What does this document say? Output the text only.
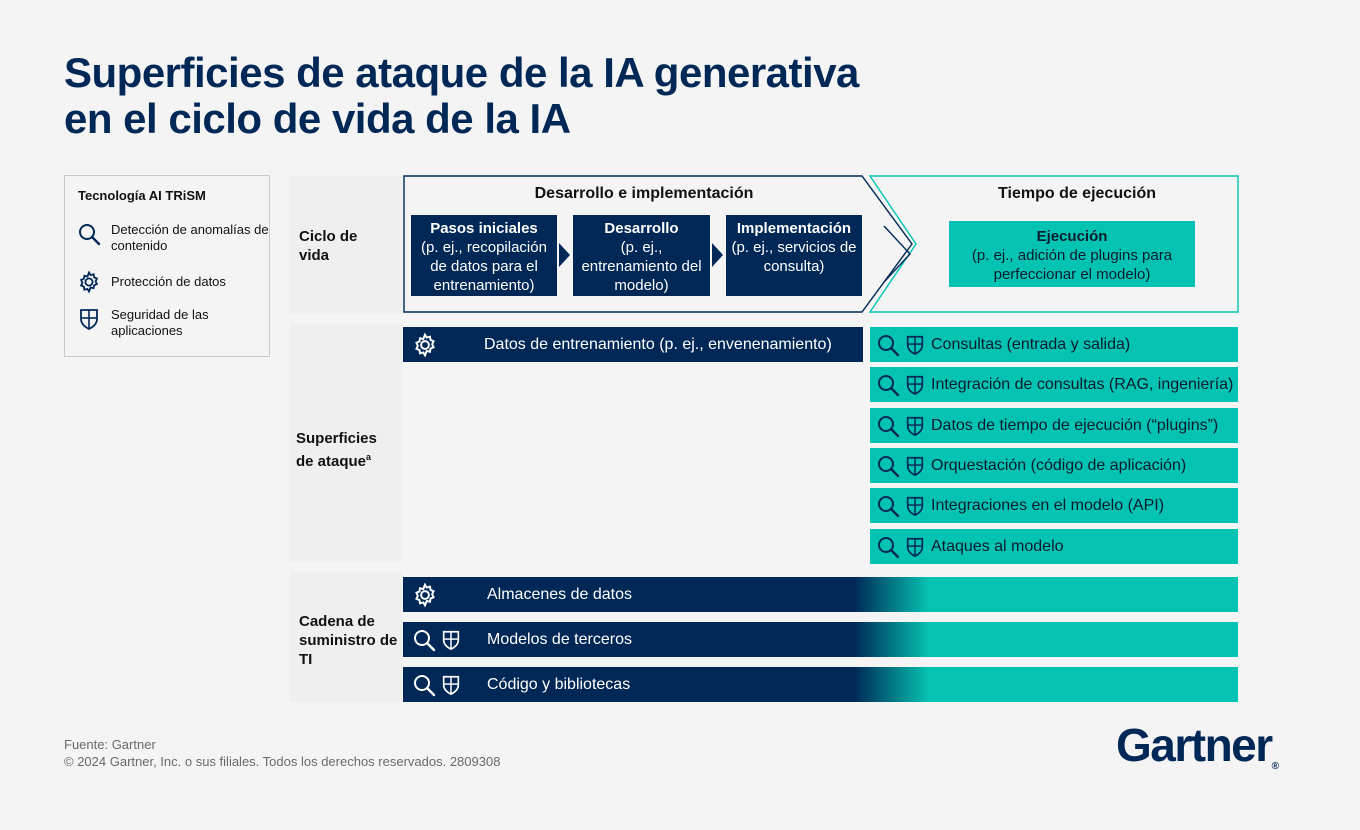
Superficies de ataque de la IA generativa
en el ciclo de vida de la IA
Tecnología AI TRiSM
Detección de anomalías de contenido
Protección de datos
Seguridad de las aplicaciones
Ciclo de vida
Superficies de ataque$^a$
Cadena de suministro de TI
Desarrollo e implementación	Tiempo de ejecución
Pasos iniciales
(p. ej., recopilación de datos para el entrenamiento)
Desarrollo
(p. ej., entrenamiento del modelo)
Implementación
(p. ej., servicios de consulta)
Ejecución
(p. ej., adición de plugins para perfeccionar el modelo)
Datos de entrenamiento (p. ej., envenenamiento)	Consultas (entrada y salida)
Integración de consultas (RAG, ingeniería)
Datos de tiempo de ejecución (“plugins”)
Orquestación (código de aplicación)
Integraciones en el modelo (API)
Ataques al modelo
Almacenes de datos
Modelos de terceros
Código y bibliotecas
Fuente: Gartner
© 2024 Gartner, Inc. o sus filiales. Todos los derechos reservados. 2809308	Gartner®
